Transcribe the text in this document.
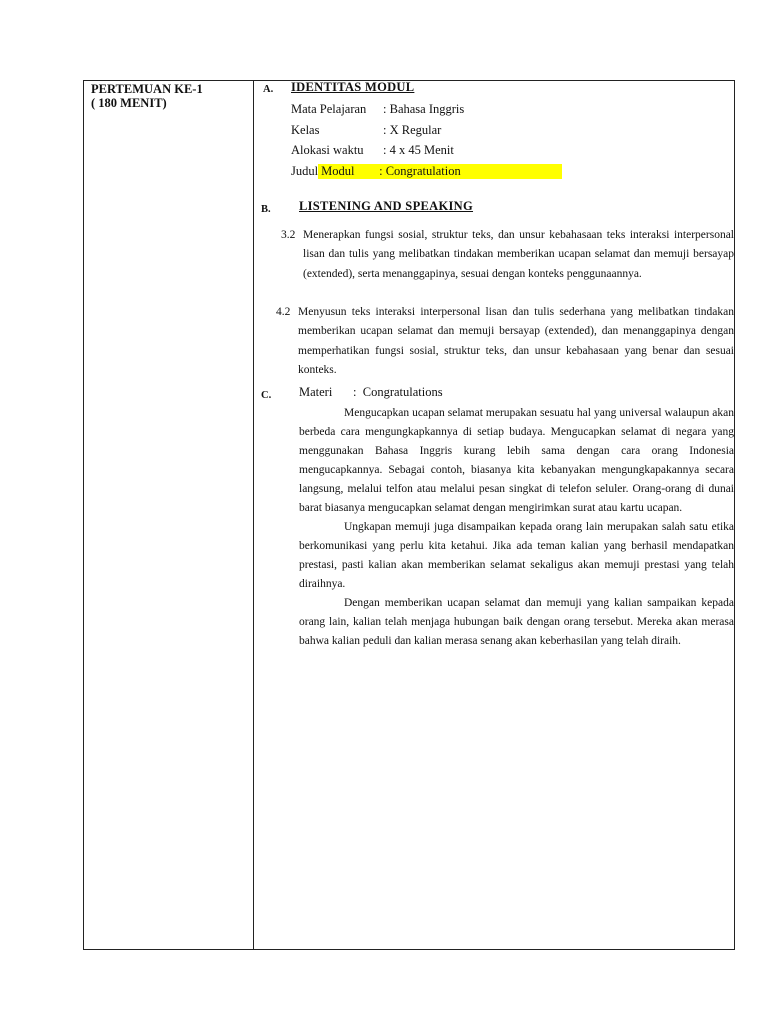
PERTEMUAN KE-1
( 180 MENIT)
A. IDENTITAS MODUL
Mata Pelajaran : Bahasa Inggris
Kelas	: X Regular
Alokasi waktu : 4 x 45 Menit
Judul Modul : Congratulation
B. LISTENING AND SPEAKING
3.2 Menerapkan fungsi sosial, struktur teks, dan unsur kebahasaan teks interaksi interpersonal lisan dan tulis yang melibatkan tindakan memberikan ucapan selamat dan memuji bersayap (extended), serta menanggapinya, sesuai dengan konteks penggunaannya.
4.2 Menyusun teks interaksi interpersonal lisan dan tulis sederhana yang melibatkan tindakan memberikan ucapan selamat dan memuji bersayap (extended), dan menanggapinya dengan memperhatikan fungsi sosial, struktur teks, dan unsur kebahasaan yang benar dan sesuai konteks.
C. Materi : Congratulations

Mengucapkan ucapan selamat merupakan sesuatu hal yang universal walaupun akan berbeda cara mengungkapkannya di setiap budaya. Mengucapkan selamat di negara yang menggunakan Bahasa Inggris kurang lebih sama dengan cara orang Indonesia mengucapkannya. Sebagai contoh, biasanya kita kebanyakan mengungkapakannya secara langsung, melalui telfon atau melalui pesan singkat di telefon seluler. Orang-orang di dunai barat biasanya mengucapkan selamat dengan mengirimkan surat atau kartu ucapan.

Ungkapan memuji juga disampaikan kepada orang lain merupakan salah satu etika berkomunikasi yang perlu kita ketahui. Jika ada teman kalian yang berhasil mendapatkan prestasi, pasti kalian akan memberikan selamat sekaligus akan memuji prestasi yang telah diraihnya.

Dengan memberikan ucapan selamat dan memuji yang kalian sampaikan kepada orang lain, kalian telah menjaga hubungan baik dengan orang tersebut. Mereka akan merasa bahwa kalian peduli dan kalian merasa senang akan keberhasilan yang telah diraih.
